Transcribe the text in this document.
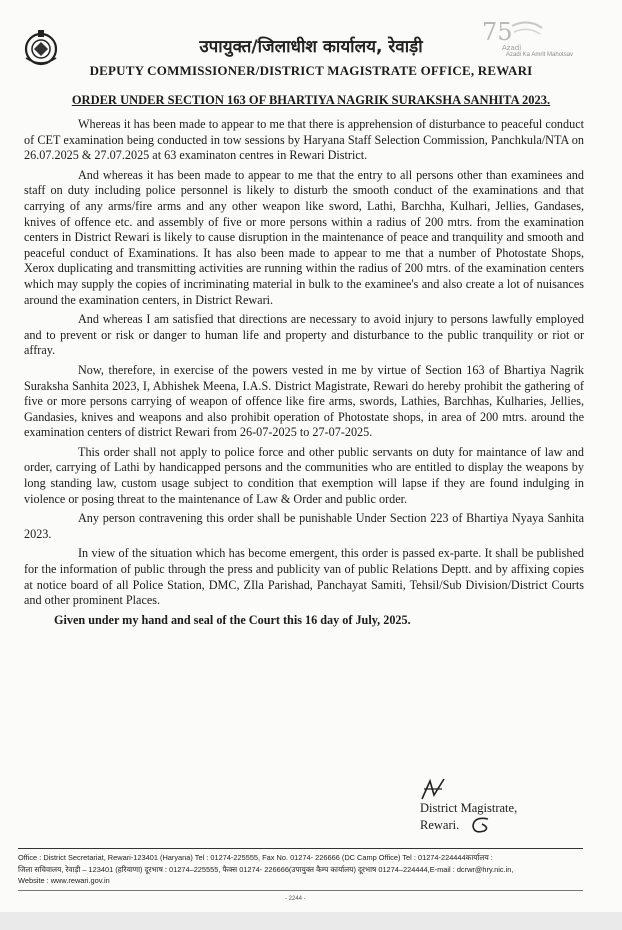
75
Azadi
Azadi Ka Amrit Mahotsav
उपायुक्त/जिलाधीश कार्यालय, रेवाड़ी
DEPUTY COMMISSIONER/DISTRICT MAGISTRATE OFFICE, REWARI
ORDER UNDER SECTION 163 OF BHARTIYA NAGRIK SURAKSHA SANHITA 2023.

Whereas it has been made to appear to me that there is apprehension of disturbance to peaceful conduct of CET examination being conducted in tow sessions by Haryana Staff Selection Commission, Panchkula/NTA on 26.07.2025 & 27.07.2025 at 63 examinaton centres in Rewari District.

And whereas it has been made to appear to me that the entry to all persons other than examinees and staff on duty including police personnel is likely to disturb the smooth conduct of the examinations and that carrying of any arms/fire arms and any other weapon like sword, Lathi, Barchha, Kulhari, Jellies, Gandases, knives of offence etc. and assembly of five or more persons within a radius of 200 mtrs. from the examination centers in District Rewari is likely to cause disruption in the maintenance of peace and tranquility and smooth and peaceful conduct of Examinations. It has also been made to appear to me that a number of Photostate Shops, Xerox duplicating and transmitting activities are running within the radius of 200 mtrs. of the examination centers which may supply the copies of incriminating material in bulk to the examinee's and also create a lot of nuisances around the examination centers, in District Rewari.

And whereas I am satisfied that directions are necessary to avoid injury to persons lawfully employed and to prevent or risk or danger to human life and property and disturbance to the public tranquility or riot or affray.

Now, therefore, in exercise of the powers vested in me by virtue of Section 163 of Bhartiya Nagrik Suraksha Sanhita 2023, I, Abhishek Meena, I.A.S. District Magistrate, Rewari do hereby prohibit the gathering of five or more persons carrying of weapon of offence like fire arms, swords, Lathies, Barchhas, Kulharies, Jellies, Gandasies, knives and weapons and also prohibit operation of Photostate shops, in area of 200 mtrs. around the examination centers of district Rewari from 26-07-2025 to 27-07-2025.

This order shall not apply to police force and other public servants on duty for maintance of law and order, carrying of Lathi by handicapped persons and the communities who are entitled to display the weapons by long standing law, custom usage subject to condition that exemption will lapse if they are found indulging in violence or posing threat to the maintenance of Law & Order and public order.

Any person contravening this order shall be punishable Under Section 223 of Bhartiya Nyaya Sanhita 2023.

In view of the situation which has become emergent, this order is passed ex-parte. It shall be published for the information of public through the press and publicity van of public Relations Deptt. and by affixing copies at notice board of all Police Station, DMC, ZIla Parishad, Panchayat Samiti, Tehsil/Sub Division/District Courts and other prominent Places.

Given under my hand and seal of the Court this 16 day of July, 2025.

District Magistrate,
Rewari.
Office : District Secretariat, Rewari-123401 (Haryana) Tel : 01274-225555, Fax No. 01274- 226666 (DC Camp Office) Tel : 01274-224444कार्यालय :
जिला सचिवालय, रेवाड़ी – 123401 (हरियाणा) दूरभाष : 01274–225555, फैक्स 01274- 226666(उपायुक्त कैम्प कार्यालय) दूरभाष 01274–224444,E-mail : dcrwr@hry.nic.in,
Website : www.rewari.gov.in
- 2244 -
